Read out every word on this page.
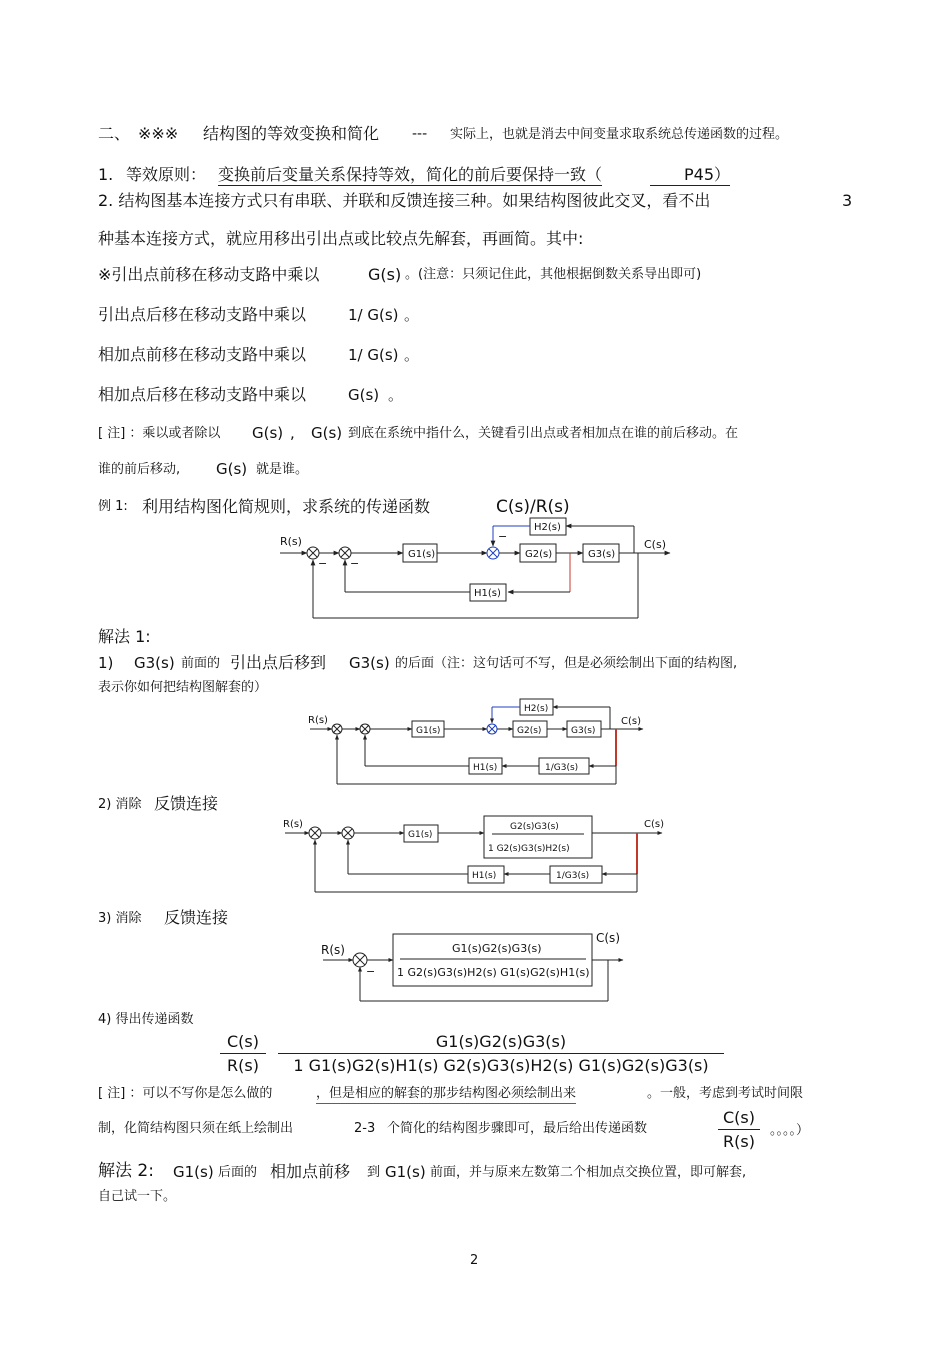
二、 ※※※ 结构图的等效变换和简化 --- 实际上，也就是消去中间变量求取系统总传递函数的过程。
1. 等效原则： 变换前后变量关系保持等效，简化的前后要保持一致（	P45）
2. 结构图基本连接方式只有串联、并联和反馈连接三种。如果结构图彼此交叉，看不出	3
种基本连接方式，就应用移出引出点或比较点先解套，再画简。其中:
※引出点前移在移动支路中乘以	G(s) 。(注意：只须记住此，其他根据倒数关系导出即可)
引出点后移在移动支路中乘以	1/ G(s) 。
相加点前移在移动支路中乘以	1/ G(s) 。
相加点后移在移动支路中乘以	G(s) 。
[ 注] ：乘以或者除以 G(s) , G(s) 到底在系统中指什么，关键看引出点或者相加点在谁的前后移动。在
谁的前后移动, G(s) 就是谁。
例 1: 利用结构图化简规则，求系统的传递函数	C(s)/R(s)
R(s)	C(s)
G1(s)	G2(s)	G3(s)
H1(s)
H2(s)
− −
−
解法 1:
1) G3(s) 前面的 引出点后移到 G3(s) 的后面（注：这句话可不写，但是必须绘制出下面的结构图,
表示你如何把结构图解套的）
R(s)	C(s)
G1(s)	G2(s)	G3(s)
H1(s)
H2(s)
1/G3(s)
2) 消除 反馈连接
R(s)	C(s)
G1(s)
G2(s)G3(s)
1 G2(s)G3(s)H2(s)
H1(s)	1/G3(s)
3) 消除 反馈连接
R(s)
C(s)
G1(s)G2(s)G3(s)
1 G2(s)G3(s)H2(s) G1(s)G2(s)H1(s)
−
4) 得出传递函数
$\frac{C(s)}{R(s)} \frac{G1(s)G2(s)G3(s)}{1 G1(s)G2(s)H1(s) G2(s)G3(s)H2(s) G1(s)G2(s)G3(s)}$
[ 注] ：可以不写你是怎么做的	，但是相应的解套的那步结构图必须绘制出来	。一般，考虑到考试时间限
制，化简结构图只须在纸上绘制出	2-3 个简化的结构图步骤即可，最后给出传递函数	$\frac{C(s)}{R(s)}$ 。。。。）
解法 2: G1(s) 后面的 相加点前移 到 G1(s) 前面，并与原来左数第二个相加点交换位置，即可解套,
自己试一下。
2
